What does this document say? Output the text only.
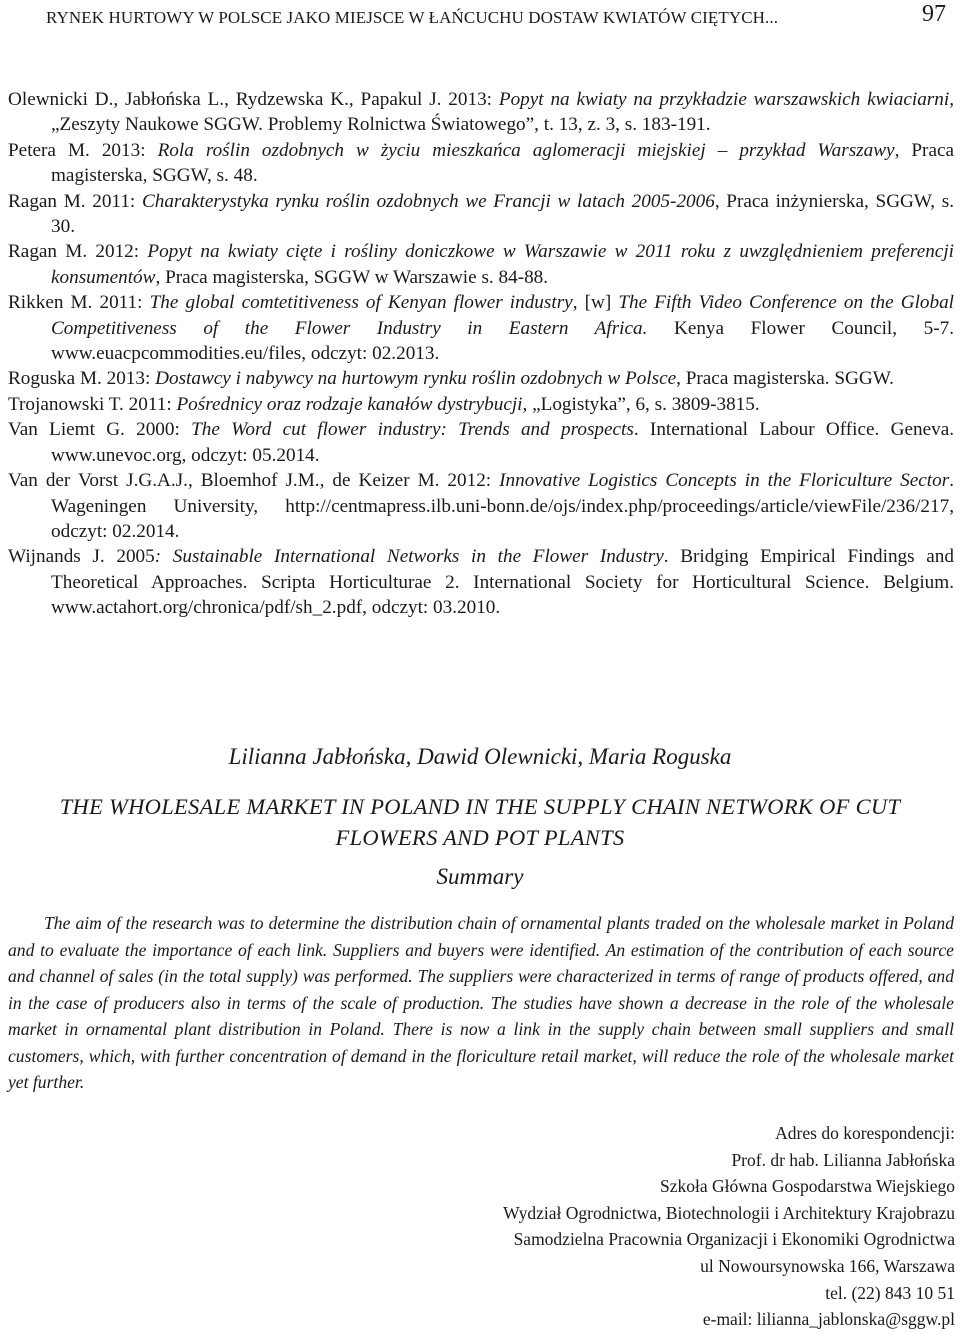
RYNEK HURTOWY W POLSCE JAKO MIEJSCE W ŁAŃCUCHU DOSTAW KWIATÓW CIĘTYCH...	97
Olewnicki D., Jabłońska L., Rydzewska K., Papakul J. 2013: Popyt na kwiaty na przykładzie warszawskich kwiaciarni, „Zeszyty Naukowe SGGW. Problemy Rolnictwa Światowego”, t. 13, z. 3, s. 183-191.
Petera M. 2013: Rola roślin ozdobnych w życiu mieszkańca aglomeracji miejskiej – przykład Warszawy, Praca magisterska, SGGW, s. 48.
Ragan M. 2011: Charakterystyka rynku roślin ozdobnych we Francji w latach 2005-2006, Praca inżynierska, SGGW, s. 30.
Ragan M. 2012: Popyt na kwiaty cięte i rośliny doniczkowe w Warszawie w 2011 roku z uwzględnieniem preferencji konsumentów, Praca magisterska, SGGW w Warszawie s. 84-88.
Rikken M. 2011: The global comtetitiveness of Kenyan flower industry, [w] The Fifth Video Conference on the Global Competitiveness of the Flower Industry in Eastern Africa. Kenya Flower Council, 5-7. www.euacpcommodities.eu/files, odczyt: 02.2013.
Roguska M. 2013: Dostawcy i nabywcy na hurtowym rynku roślin ozdobnych w Polsce, Praca magisterska. SGGW.
Trojanowski T. 2011: Pośrednicy oraz rodzaje kanałów dystrybucji, „Logistyka”, 6, s. 3809-3815.
Van Liemt G. 2000: The Word cut flower industry: Trends and prospects. International Labour Office. Geneva. www.unevoc.org, odczyt: 05.2014.
Van der Vorst J.G.A.J., Bloemhof J.M., de Keizer M. 2012: Innovative Logistics Concepts in the Floriculture Sector. Wageningen University, http://centmapress.ilb.uni-bonn.de/ojs/index.php/proceedings/article/viewFile/236/217, odczyt: 02.2014.
Wijnands J. 2005: Sustainable International Networks in the Flower Industry. Bridging Empirical Findings and Theoretical Approaches. Scripta Horticulturae 2. International Society for Horticultural Science. Belgium. www.actahort.org/chronica/pdf/sh_2.pdf, odczyt: 03.2010.
Lilianna Jabłońska, Dawid Olewnicki, Maria Roguska
THE WHOLESALE MARKET IN POLAND IN THE SUPPLY CHAIN NETWORK OF CUT
FLOWERS AND POT PLANTS
Summary
The aim of the research was to determine the distribution chain of ornamental plants traded on the wholesale market in Poland and to evaluate the importance of each link. Suppliers and buyers were identified. An estimation of the contribution of each source and channel of sales (in the total supply) was performed. The suppliers were characterized in terms of range of products offered, and in the case of producers also in terms of the scale of production. The studies have shown a decrease in the role of the wholesale market in ornamental plant distribution in Poland. There is now a link in the supply chain between small suppliers and small customers, which, with further concentration of demand in the floriculture retail market, will reduce the role of the wholesale market yet further.
Adres do korespondencji:
Prof. dr hab. Lilianna Jabłońska
Szkoła Główna Gospodarstwa Wiejskiego
Wydział Ogrodnictwa, Biotechnologii i Architektury Krajobrazu
Samodzielna Pracownia Organizacji i Ekonomiki Ogrodnictwa
ul Nowoursynowska 166, Warszawa
tel. (22) 843 10 51
e-mail: lilianna_jablonska@sggw.pl
